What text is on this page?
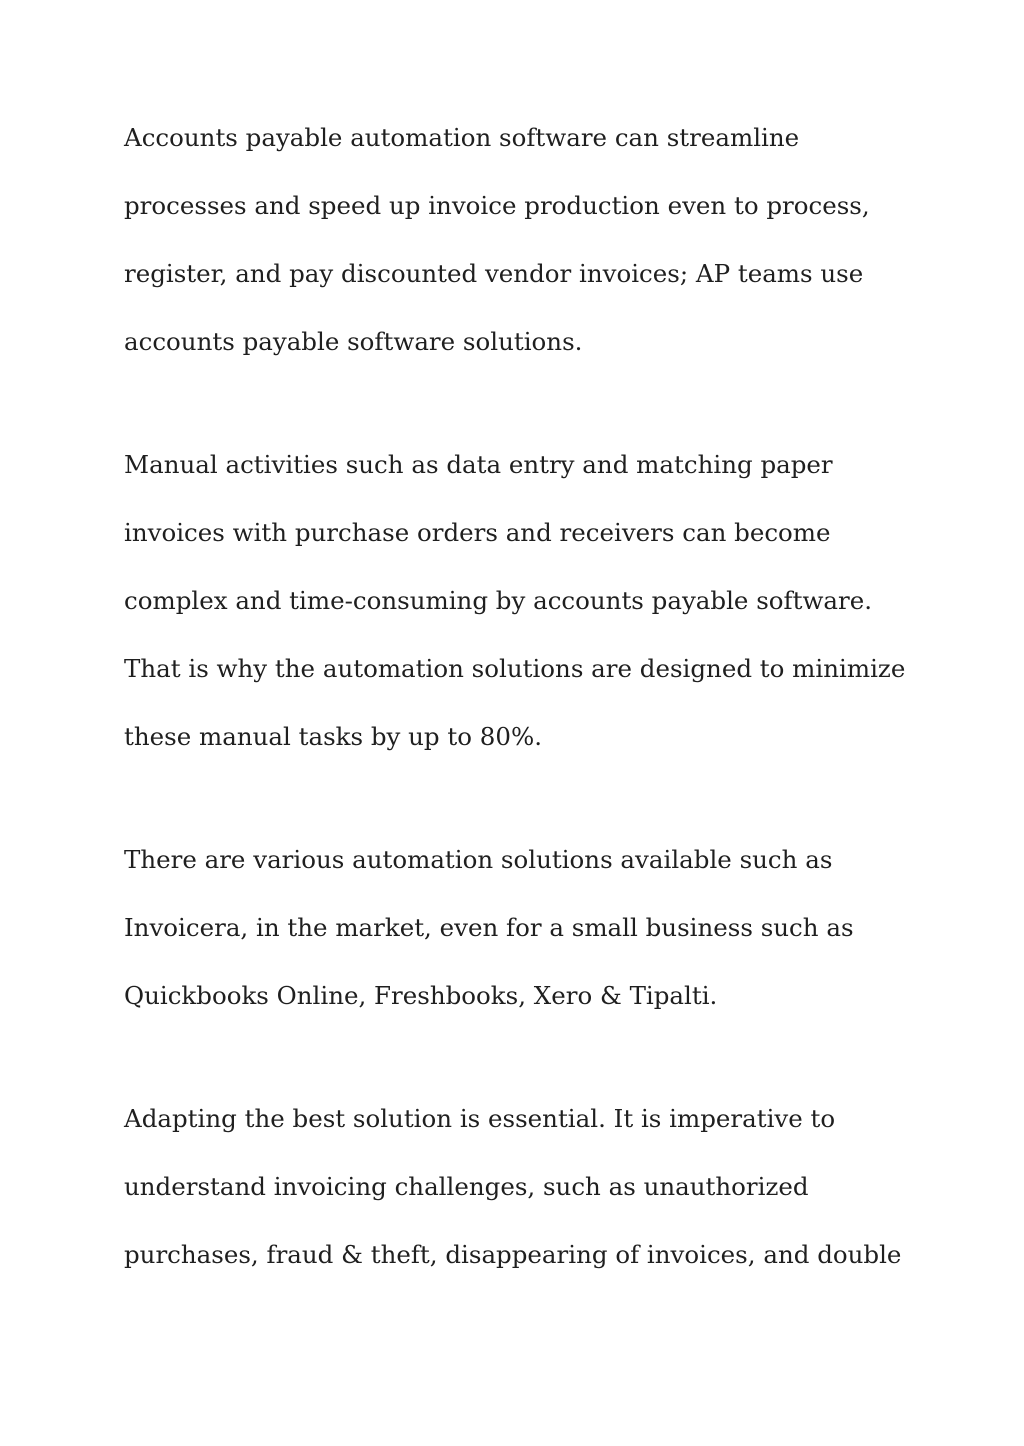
Accounts payable automation software can streamline
processes and speed up invoice production even to process,
register, and pay discounted vendor invoices; AP teams use
accounts payable software solutions.

Manual activities such as data entry and matching paper
invoices with purchase orders and receivers can become
complex and time-consuming by accounts payable software.
That is why the automation solutions are designed to minimize
these manual tasks by up to 80%.

There are various automation solutions available such as
Invoicera, in the market, even for a small business such as
Quickbooks Online, Freshbooks, Xero & Tipalti.

Adapting the best solution is essential. It is imperative to
understand invoicing challenges, such as unauthorized
purchases, fraud & theft, disappearing of invoices, and double
